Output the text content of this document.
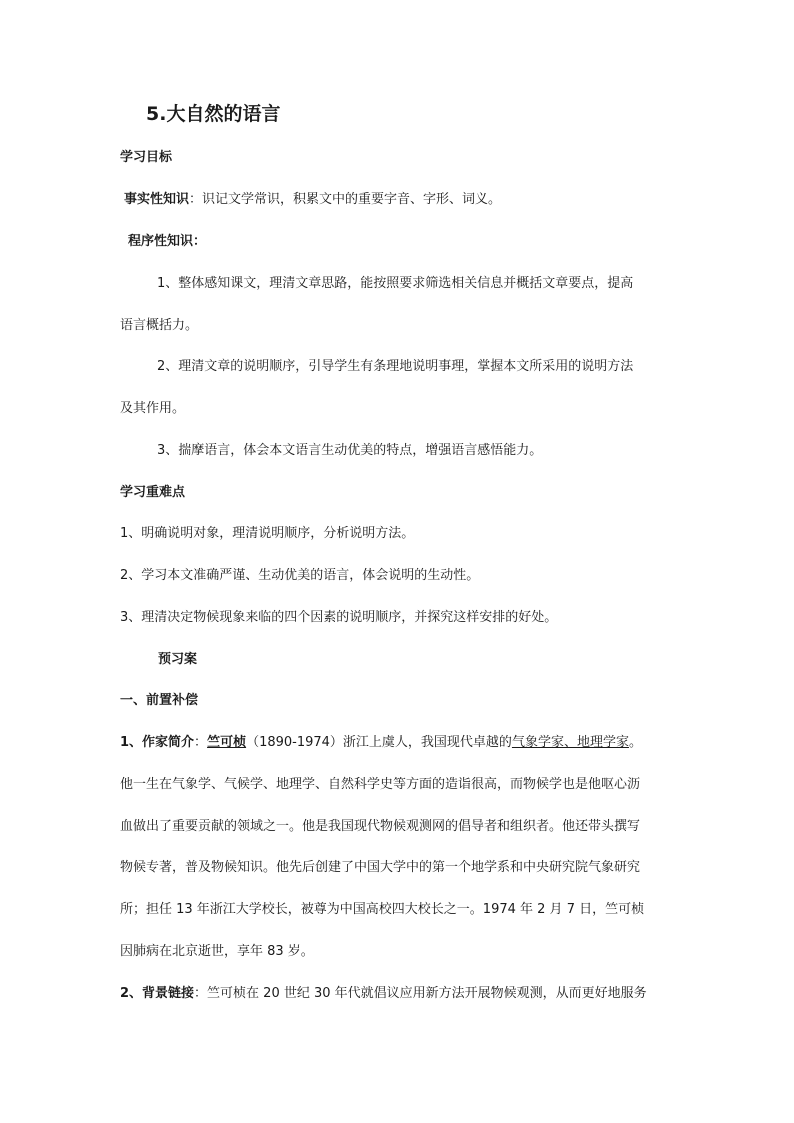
5.大自然的语言

学习目标

事实性知识：识记文学常识，积累文中的重要字音、字形、词义。

程序性知识：

1、整体感知课文，理清文章思路，能按照要求筛选相关信息并概括文章要点，提高

语言概括力。

2、理清文章的说明顺序，引导学生有条理地说明事理，掌握本文所采用的说明方法

及其作用。

3、揣摩语言，体会本文语言生动优美的特点，增强语言感悟能力。

学习重难点

1、明确说明对象，理清说明顺序，分析说明方法。

2、学习本文准确严谨、生动优美的语言，体会说明的生动性。

3、理清决定物候现象来临的四个因素的说明顺序，并探究这样安排的好处。

预习案

一、前置补偿

1、作家简介：竺可桢（1890-1974）浙江上虞人，我国现代卓越的气象学家、地理学家。

他一生在气象学、气候学、地理学、自然科学史等方面的造诣很高，而物候学也是他呕心沥

血做出了重要贡献的领域之一。他是我国现代物候观测网的倡导者和组织者。他还带头撰写

物候专著，普及物候知识。他先后创建了中国大学中的第一个地学系和中央研究院气象研究

所；担任 13 年浙江大学校长，被尊为中国高校四大校长之一。1974 年 2 月 7 日，竺可桢

因肺病在北京逝世，享年 83 岁。

2、背景链接：竺可桢在 20 世纪 30 年代就倡议应用新方法开展物候观测，从而更好地服务
